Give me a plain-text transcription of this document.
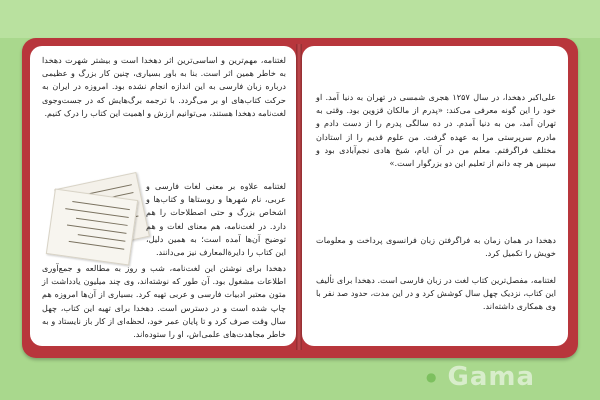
لغتنامه، مهم‌ترین و اساسی‌ترین اثر دهخدا است و بیشتر شهرت دهخدا به خاطر همین اثر است. بنا به باور بسیاری، چنین کار بزرگ و عظیمی درباره زبان فارسی به این اندازه انجام نشده بود. امروزه در ایران به حرکت کتاب‌های او بر می‌گردد. با ترجمه برگ‌هایش که در جست‌وجوی لغت‌نامه دهخدا هستند، می‌توانیم ارزش و اهمیت این کتاب را درک کنیم.
لغتنامه علاوه بر معنی لغات فارسی و عربی، نام شهرها و روستاها و کتاب‌ها و اشخاص بزرگ و حتی اصطلاحات را هم دارد. در لغت‌نامه، هم معنای لغات و هم توضیح آن‌ها آمده است؛ به همین دلیل، این کتاب را دایرة‌المعارف نیز می‌دانند.
دهخدا برای نوشتن این لغت‌نامه، شب و روز به مطالعه و جمع‌آوری اطلاعات مشغول بود. آن طور که نوشته‌اند، وی چند میلیون یادداشت از متون معتبر ادبیات فارسی و عربی تهیه کرد. بسیاری از آن‌ها امروزه هم چاپ شده است و در دسترس است. دهخدا برای تهیه این کتاب، چهل سال وقت صرف کرد و تا پایان عمر خود، لحظه‌ای از کار باز نایستاد و به خاطر مجاهدت‌های علمی‌اش، او را ستوده‌اند.
علی‌اکبر دهخدا، در سال ۱۲۵۷ هجری شمسی در تهران به دنیا آمد. او خود را این گونه معرفی می‌کند: «پدرم از مالکان قزوین بود. وقتی به تهران آمد، من به دنیا آمدم. در ده سالگی پدرم را از دست دادم و مادرم سرپرستی مرا به عهده گرفت. من علوم قدیم را از استادان مختلف فراگرفتم. معلم من در آن ایام، شیخ هادی نجم‌آبادی بود و سپس هر چه دانم از تعلیم این دو بزرگوار است.»
دهخدا در همان زمان به فراگرفتن زبان فرانسوی پرداخت و معلومات خویش را تکمیل کرد.
لغتنامه، مفصل‌ترین کتاب لغت در زبان فارسی است. دهخدا برای تألیف این کتاب، نزدیک چهل سال کوشش کرد و در این مدت، حدود صد نفر با وی همکاری داشته‌اند.
● Gama
